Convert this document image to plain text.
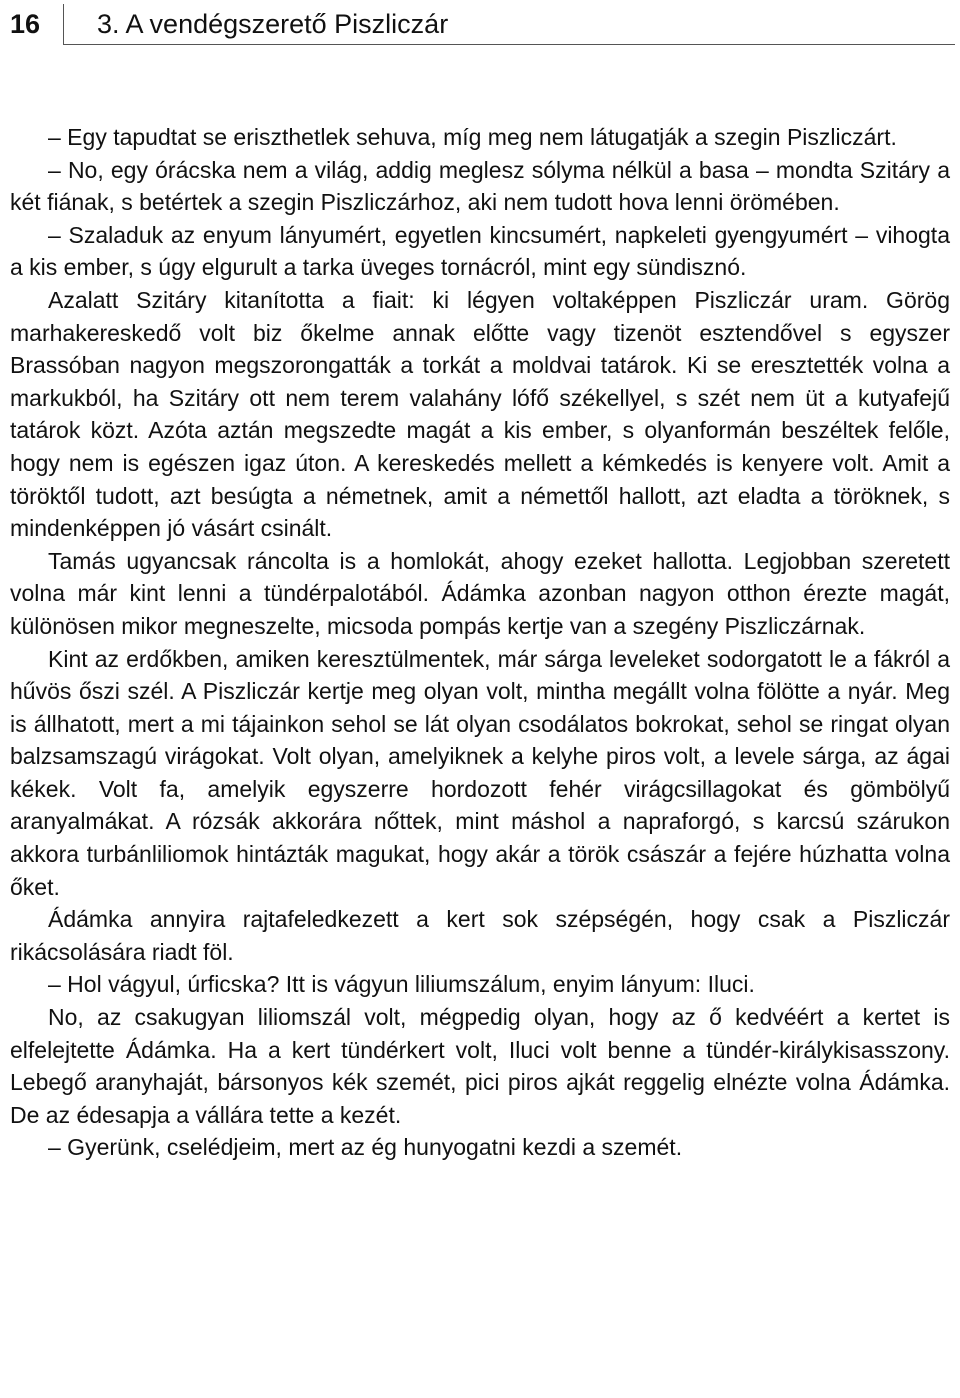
16 3. A vendégszerető Piszliczár

– Egy tapudtat se eriszthetlek sehuva, míg meg nem látugatják a szegin Piszliczárt.

– No, egy órácska nem a világ, addig meglesz sólyma nélkül a basa – mondta Szitáry a két fiának, s betértek a szegin Piszliczárhoz, aki nem tudott hova lenni örömében.

– Szaladuk az enyum lányumért, egyetlen kincsumért, napkeleti gyengyumért – vihogta a kis ember, s úgy elgurult a tarka üveges tornácról, mint egy sündisznó.

Azalatt Szitáry kitanította a fiait: ki légyen voltaképpen Piszliczár uram. Görög marhakereskedő volt biz őkelme annak előtte vagy tizenöt esztendővel s egyszer Brassóban nagyon megszorongatták a torkát a moldvai tatárok. Ki se eresztették volna a markukból, ha Szitáry ott nem terem valahány lófő székellyel, s szét nem üt a kutyafejű tatárok közt. Azóta aztán megszedte magát a kis ember, s olyanformán beszéltek felőle, hogy nem is egészen igaz úton. A kereskedés mellett a kémkedés is kenyere volt. Amit a töröktől tudott, azt besúgta a németnek, amit a némettől hallott, azt eladta a töröknek, s mindenképpen jó vásárt csinált.

Tamás ugyancsak ráncolta is a homlokát, ahogy ezeket hallotta. Legjobban szeretett volna már kint lenni a tündérpalotából. Ádámka azonban nagyon otthon érezte magát, különösen mikor megneszelte, micsoda pompás kertje van a szegény Piszliczárnak.

Kint az erdőkben, amiken keresztülmentek, már sárga leveleket sodorgatott le a fákról a hűvös őszi szél. A Piszliczár kertje meg olyan volt, mintha megállt volna fölötte a nyár. Meg is állhatott, mert a mi tájainkon sehol se lát olyan csodálatos bokrokat, sehol se ringat olyan balzsamszagú virágokat. Volt olyan, amelyiknek a kelyhe piros volt, a levele sárga, az ágai kékek. Volt fa, amelyik egyszerre hordozott fehér virágcsillagokat és gömbölyű aranyalmákat. A rózsák akkorára nőttek, mint máshol a napraforgó, s karcsú szárukon akkora turbánliliomok hintázták magukat, hogy akár a török császár a fejére húzhatta volna őket.

Ádámka annyira rajtafeledkezett a kert sok szépségén, hogy csak a Piszliczár rikácsolására riadt föl.

– Hol vágyul, úrficska? Itt is vágyun liliumszálum, enyim lányum: Iluci.

No, az csakugyan liliomszál volt, mégpedig olyan, hogy az ő kedvéért a kertet is elfelejtette Ádámka. Ha a kert tündérkert volt, Iluci volt benne a tündér-királykisasszony. Lebegő aranyhaját, bársonyos kék szemét, pici piros ajkát reggelig elnézte volna Ádámka. De az édesapja a vállára tette a kezét.

– Gyerünk, cselédjeim, mert az ég hunyogatni kezdi a szemét.
